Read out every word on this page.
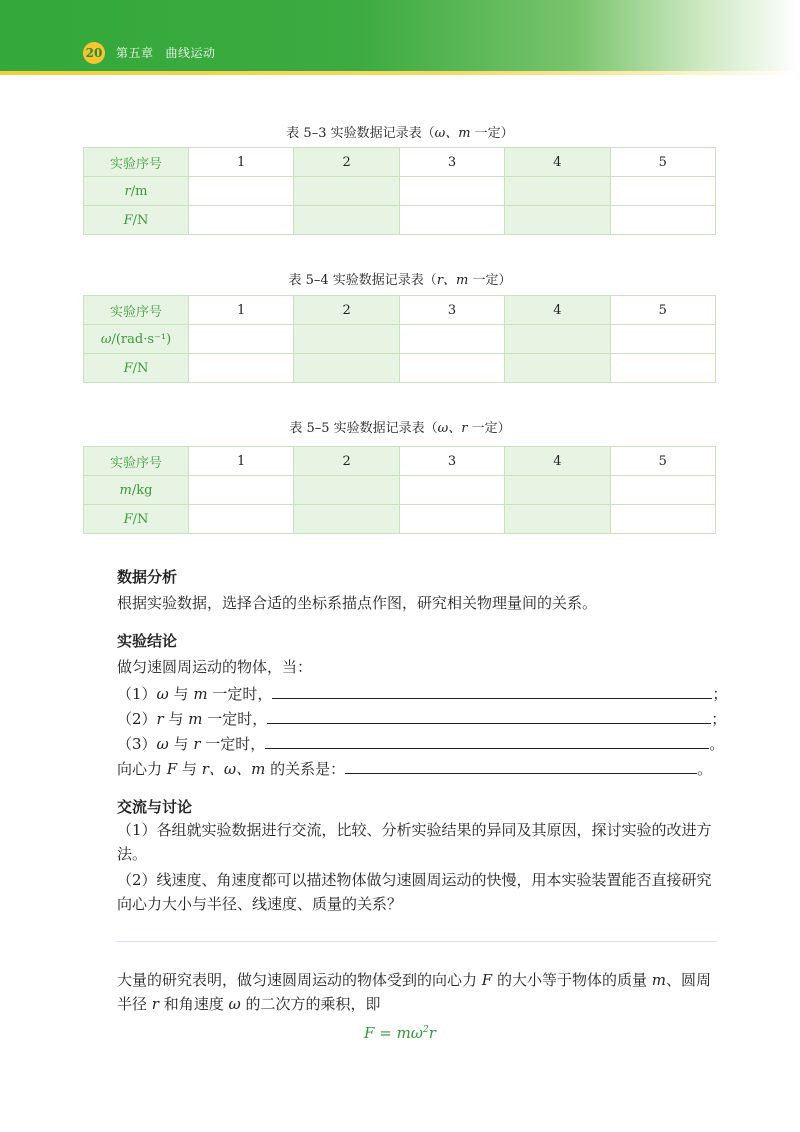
20 第五章 曲线运动
表 5–3 实验数据记录表（ω、m 一定）
实验序号	1	2	3	4	5
r/m					
F/N					
表 5–4 实验数据记录表（r、m 一定）
实验序号	1	2	3	4	5
ω/(rad·s⁻¹)					
F/N					
表 5–5 实验数据记录表（ω、r 一定）
实验序号	1	2	3	4	5
m/kg					
F/N					
数据分析
根据实验数据，选择合适的坐标系描点作图，研究相关物理量间的关系。
实验结论
做匀速圆周运动的物体，当：
（1）ω 与 m 一定时，	；
（2）r 与 m 一定时，	；
（3）ω 与 r 一定时，	。
向心力 F 与 r、ω、m 的关系是：	。
交流与讨论
（1）各组就实验数据进行交流，比较、分析实验结果的异同及其原因，探讨实验的改进方法。
（2）线速度、角速度都可以描述物体做匀速圆周运动的快慢，用本实验装置能否直接研究向心力大小与半径、线速度、质量的关系？
大量的研究表明，做匀速圆周运动的物体受到的向心力 F 的大小等于物体的质量 m、圆周半径 r 和角速度 ω 的二次方的乘积，即
$F = m\omega^2r$
